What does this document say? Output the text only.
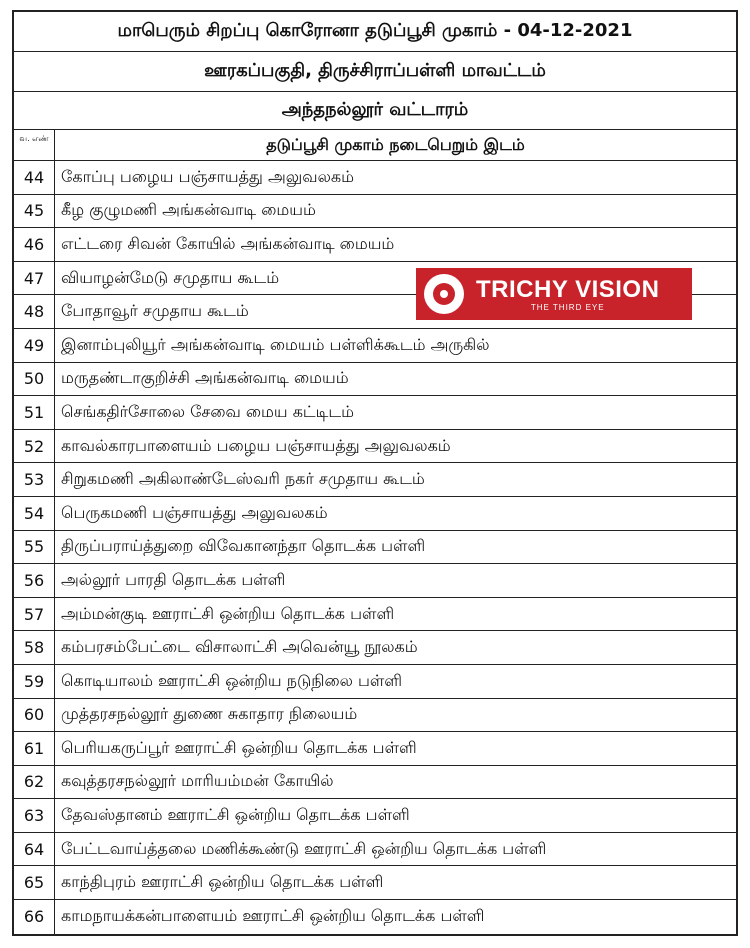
மாபெரும் சிறப்பு கொரோனா தடுப்பூசி முகாம் - 04-12-2021
ஊரகப்பகுதி, திருச்சிராப்பள்ளி மாவட்டம்
அந்தநல்லூர் வட்டாரம்
வ. எண்	தடுப்பூசி முகாம் நடைபெறும் இடம்
44	கோப்பு பழைய பஞ்சாயத்து அலுவலகம்
45	கீழ குழுமணி அங்கன்வாடி மையம்
46	எட்டரை சிவன் கோயில் அங்கன்வாடி மையம்
47	வியாழன்மேடு சமுதாய கூடம்
48	போதாவூர் சமுதாய கூடம்
49	இனாம்புலியூர் அங்கன்வாடி மையம் பள்ளிக்கூடம் அருகில்
50	மருதண்டாகுறிச்சி அங்கன்வாடி மையம்
51	செங்கதிர்சோலை சேவை மைய கட்டிடம்
52	காவல்காரபாளையம் பழைய பஞ்சாயத்து அலுவலகம்
53	சிறுகமணி அகிலாண்டேஸ்வரி நகர் சமுதாய கூடம்
54	பெருகமணி பஞ்சாயத்து அலுவலகம்
55	திருப்பராய்த்துறை விவேகானந்தா தொடக்க பள்ளி
56	அல்லூர் பாரதி தொடக்க பள்ளி
57	அம்மன்குடி ஊராட்சி ஒன்றிய தொடக்க பள்ளி
58	கம்பரசம்பேட்டை விசாலாட்சி அவென்யூ நூலகம்
59	கொடியாலம் ஊராட்சி ஒன்றிய நடுநிலை பள்ளி
60	முத்தரசநல்லூர் துணை சுகாதார நிலையம்
61	பெரியகருப்பூர் ஊராட்சி ஒன்றிய தொடக்க பள்ளி
62	கவுத்தரசநல்லூர் மாரியம்மன் கோயில்
63	தேவஸ்தானம் ஊராட்சி ஒன்றிய தொடக்க பள்ளி
64	பேட்டவாய்த்தலை மணிக்கூண்டு ஊராட்சி ஒன்றிய தொடக்க பள்ளி
65	காந்திபுரம் ஊராட்சி ஒன்றிய தொடக்க பள்ளி
66	காமநாயக்கன்பாளையம் ஊராட்சி ஒன்றிய தொடக்க பள்ளி
TRICHY VISION
THE THIRD EYE
